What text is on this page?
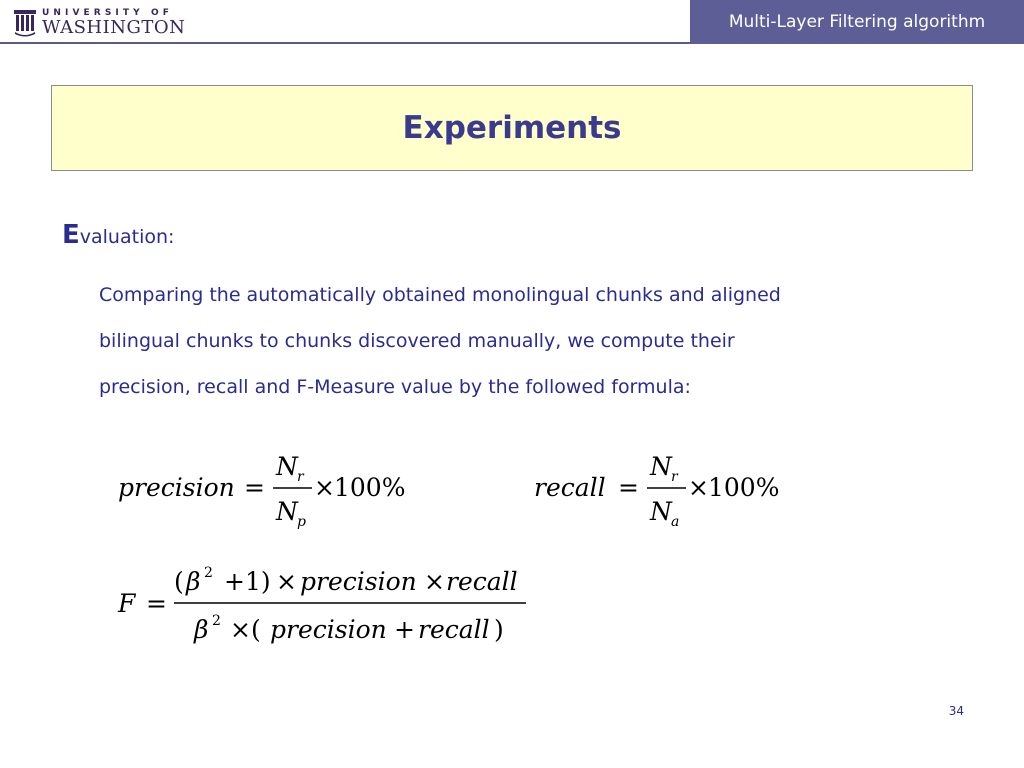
UNIVERSITY OF
WASHINGTON	Multi-Layer Filtering algorithm
Experiments
Evaluation:
Comparing the automatically obtained monolingual chunks and aligned
bilingual chunks to chunks discovered manually, we compute their
precision, recall and F-Measure value by the followed formula:
precision =
N r
N p
× 100%	recall =
N r
N a
× 100%
F =
( β 2 +1) × precision × recall
β 2 ×( precision + recall )
34
